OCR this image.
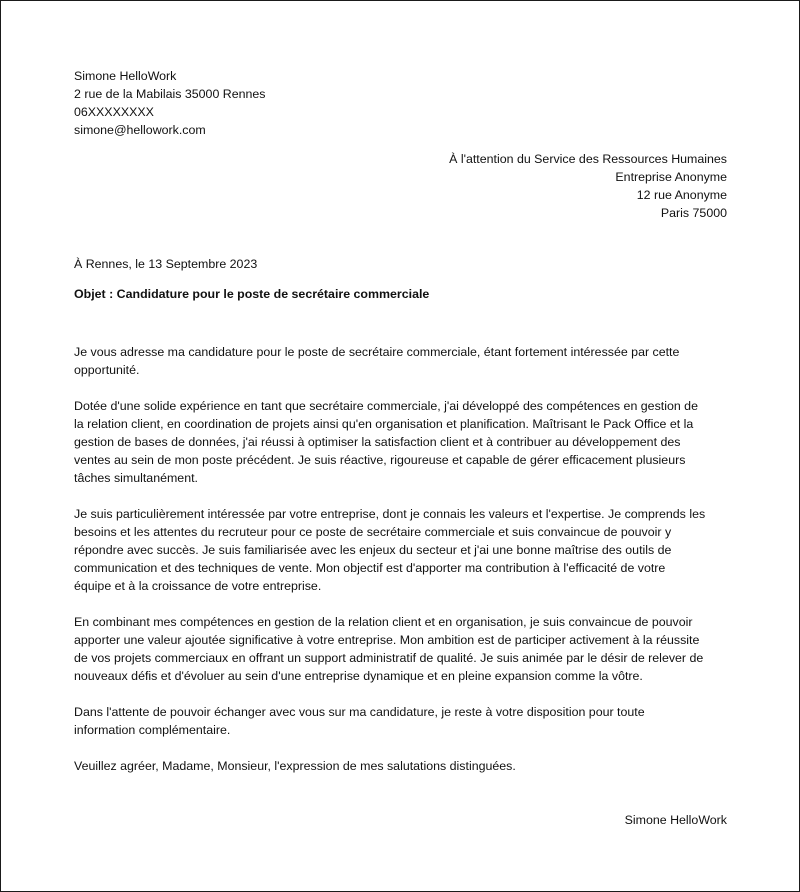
Simone HelloWork
2 rue de la Mabilais 35000 Rennes
06XXXXXXXX
simone@hellowork.com
À l'attention du Service des Ressources Humaines
Entreprise Anonyme
12 rue Anonyme
Paris 75000
À Rennes, le 13 Septembre 2023
Objet : Candidature pour le poste de secrétaire commerciale

Je vous adresse ma candidature pour le poste de secrétaire commerciale, étant fortement intéressée par cette
opportunité.

Dotée d'une solide expérience en tant que secrétaire commerciale, j'ai développé des compétences en gestion de
la relation client, en coordination de projets ainsi qu'en organisation et planification. Maîtrisant le Pack Office et la
gestion de bases de données, j'ai réussi à optimiser la satisfaction client et à contribuer au développement des
ventes au sein de mon poste précédent. Je suis réactive, rigoureuse et capable de gérer efficacement plusieurs
tâches simultanément.

Je suis particulièrement intéressée par votre entreprise, dont je connais les valeurs et l'expertise. Je comprends les
besoins et les attentes du recruteur pour ce poste de secrétaire commerciale et suis convaincue de pouvoir y
répondre avec succès. Je suis familiarisée avec les enjeux du secteur et j'ai une bonne maîtrise des outils de
communication et des techniques de vente. Mon objectif est d'apporter ma contribution à l'efficacité de votre
équipe et à la croissance de votre entreprise.

En combinant mes compétences en gestion de la relation client et en organisation, je suis convaincue de pouvoir
apporter une valeur ajoutée significative à votre entreprise. Mon ambition est de participer activement à la réussite
de vos projets commerciaux en offrant un support administratif de qualité. Je suis animée par le désir de relever de
nouveaux défis et d'évoluer au sein d'une entreprise dynamique et en pleine expansion comme la vôtre.

Dans l'attente de pouvoir échanger avec vous sur ma candidature, je reste à votre disposition pour toute
information complémentaire.

Veuillez agréer, Madame, Monsieur, l'expression de mes salutations distinguées.

Simone HelloWork
